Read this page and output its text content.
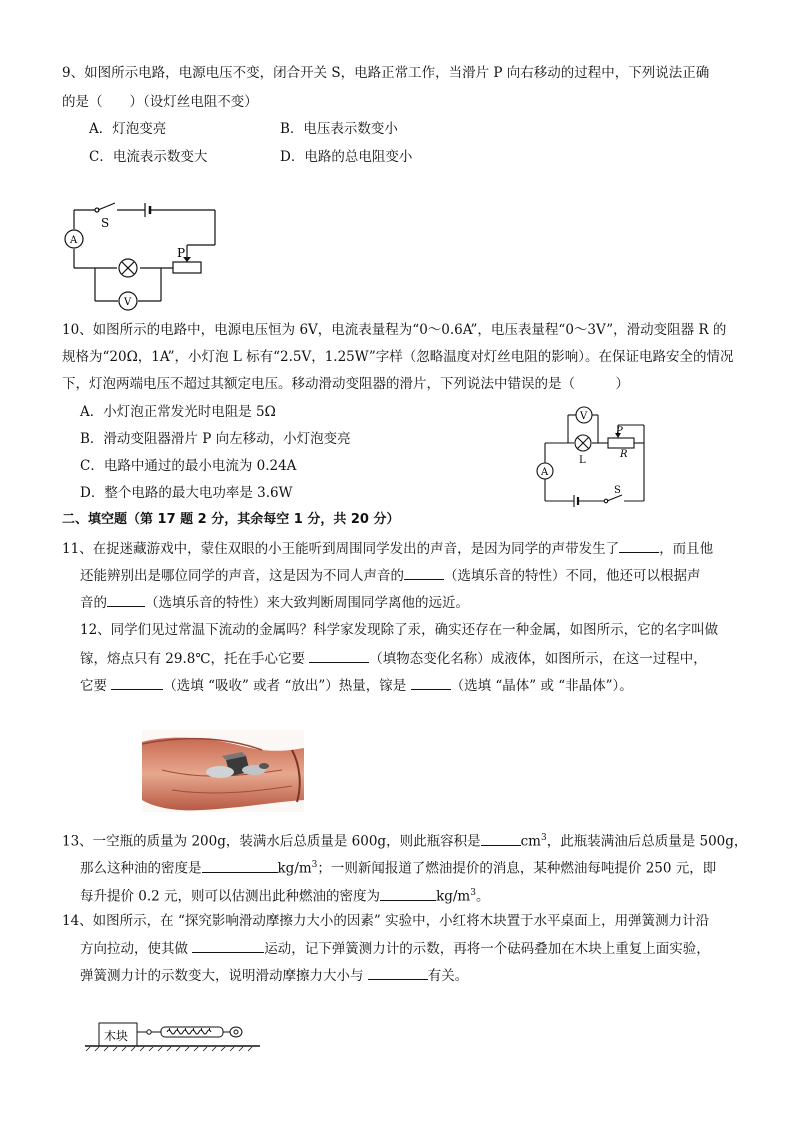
9、如图所示电路，电源电压不变，闭合开关 S，电路正常工作，当滑片 P 向右移动的过程中，下列说法正确
的是（　　）（设灯丝电阻不变）
A．灯泡变亮	B．电压表示数变小
C．电流表示数变大	D．电路的总电阻变小
S
P
A
V
10、如图所示的电路中，电源电压恒为 6V，电流表量程为“0～0.6A”，电压表量程“0～3V”，滑动变阻器 R 的
规格为“20Ω，1A”，小灯泡 L 标有“2.5V，1.25W”字样（忽略温度对灯丝电阻的影响）。在保证电路安全的情况
下，灯泡两端电压不超过其额定电压。移动滑动变阻器的滑片，下列说法中错误的是（　　　）
A．小灯泡正常发光时电阻是 5Ω
B．滑动变阻器滑片 P 向左移动，小灯泡变亮
C．电路中通过的最小电流为 0.24A
D．整个电路的最大电功率是 3.6W
V
P
R
L
A
S
二、填空题（第 17 题 2 分，其余每空 1 分，共 20 分）
11、在捉迷藏游戏中，蒙住双眼的小王能听到周围同学发出的声音，是因为同学的声带发生了	，而且他
还能辨别出是哪位同学的声音，这是因为不同人声音的	（选填乐音的特性）不同，他还可以根据声
音的	（选填乐音的特性）来大致判断周围同学离他的远近。
12、同学们见过常温下流动的金属吗？科学家发现除了汞，确实还存在一种金属，如图所示，它的名字叫做
镓，熔点只有 29.8℃，托在手心它要	（填物态变化名称）成液体，如图所示，在这一过程中，
它要	（选填 “吸收” 或者 “放出”）热量，镓是	（选填 “晶体” 或 “非晶体”）。
13、一空瓶的质量为 200g，装满水后总质量是 600g，则此瓶容积是	$cm^3$，此瓶装满油后总质量是 500g，
那么这种油的密度是	$kg/m^3$；一则新闻报道了燃油提价的消息，某种燃油每吨提价 250 元，即
每升提价 0.2 元，则可以估测出此种燃油的密度为	$kg/m^3$。
14、如图所示，在 “探究影响滑动摩擦力大小的因素” 实验中，小红将木块置于水平桌面上，用弹簧测力计沿
方向拉动，使其做	运动，记下弹簧测力计的示数，再将一个砝码叠加在木块上重复上面实验，
弹簧测力计的示数变大，说明滑动摩擦力大小与	有关。
木块
